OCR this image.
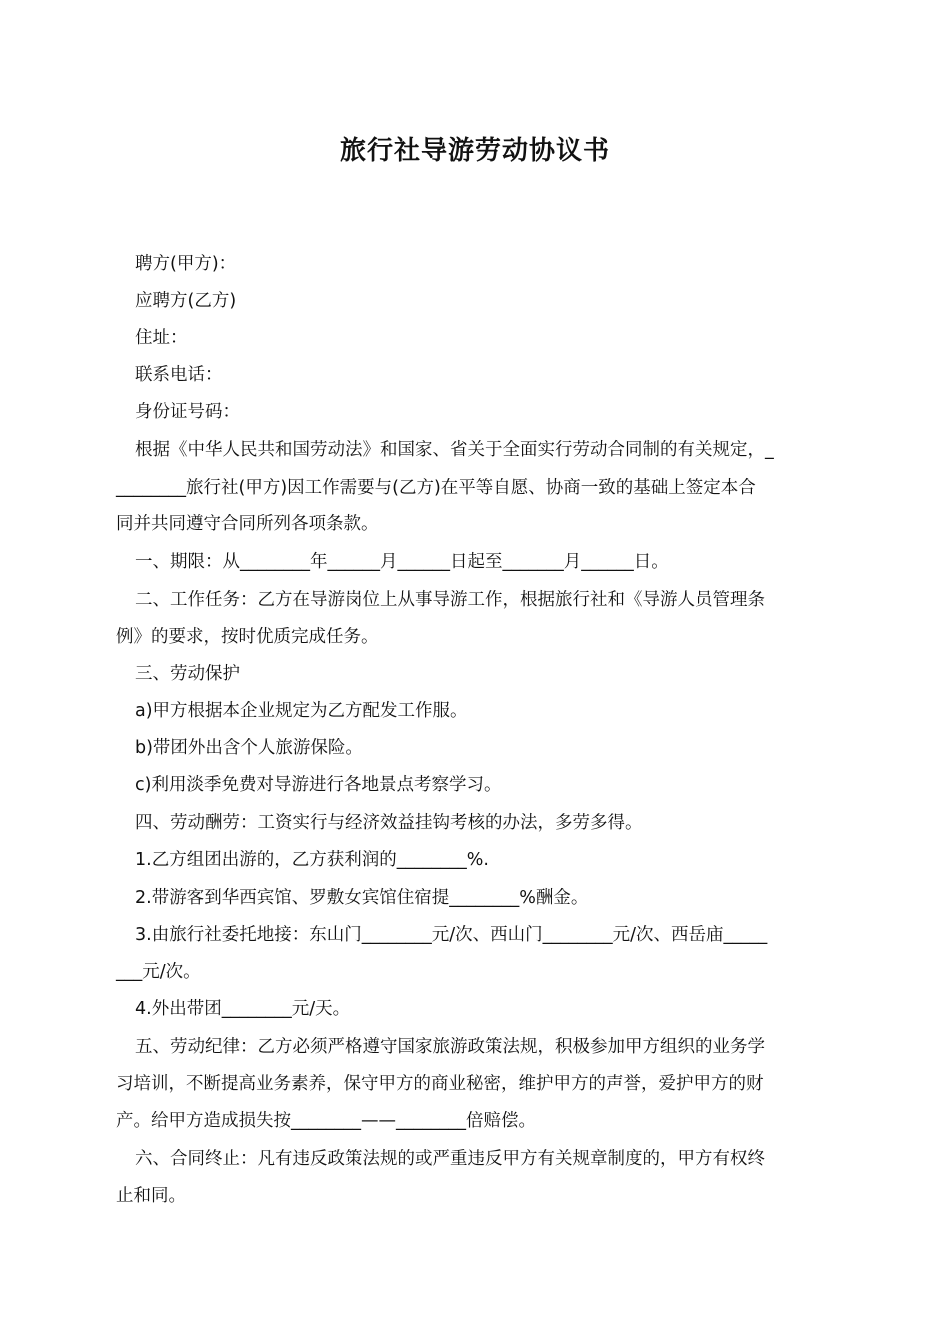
旅行社导游劳动协议书
聘方(甲方)：
应聘方(乙方)
住址：
联系电话：
身份证号码：
根据《中华人民共和国劳动法》和国家、省关于全面实行劳动合同制的有关规定，_
________旅行社(甲方)因工作需要与(乙方)在平等自愿、协商一致的基础上签定本合
同并共同遵守合同所列各项条款。
一、期限：从________年______月______日起至_______月______日。
二、工作任务：乙方在导游岗位上从事导游工作，根据旅行社和《导游人员管理条
例》的要求，按时优质完成任务。
三、劳动保护
a)甲方根据本企业规定为乙方配发工作服。
b)带团外出含个人旅游保险。
c)利用淡季免费对导游进行各地景点考察学习。
四、劳动酬劳：工资实行与经济效益挂钩考核的办法，多劳多得。
1.乙方组团出游的，乙方获利润的________%.
2.带游客到华西宾馆、罗敷女宾馆住宿提________%酬金。
3.由旅行社委托地接：东山门________元/次、西山门________元/次、西岳庙_____
___元/次。
4.外出带团________元/天。
五、劳动纪律：乙方必须严格遵守国家旅游政策法规，积极参加甲方组织的业务学
习培训，不断提高业务素养，保守甲方的商业秘密，维护甲方的声誉，爱护甲方的财
产。给甲方造成损失按________——________倍赔偿。
六、合同终止：凡有违反政策法规的或严重违反甲方有关规章制度的，甲方有权终
止和同。
